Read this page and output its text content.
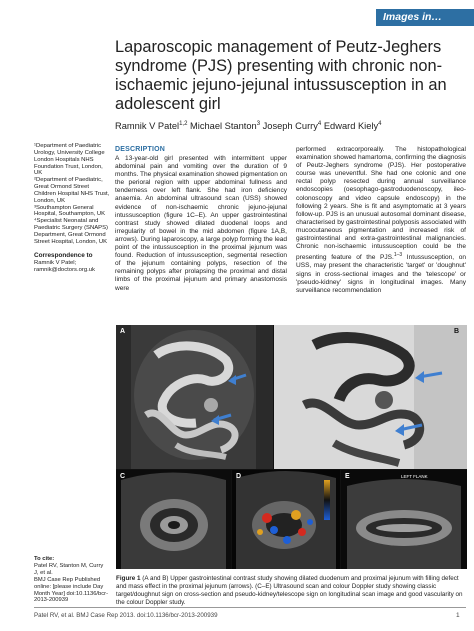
Images in…
Laparoscopic management of Peutz-Jeghers syndrome (PJS) presenting with chronic non-ischaemic jejuno-jejunal intussusception in an adolescent girl
Ramnik V Patel$^{1,2}$ Michael Stanton$^3$ Joseph Curry$^4$ Edward Kiely$^4$

¹Department of Paediatric Urology, University College London Hospitals NHS Foundation Trust, London, UK

²Department of Paediatric, Great Ormond Street Children Hospital NHS Trust, London, UK

³Southampton General Hospital, Southampton, UK

⁴Specialist Neonatal and Paediatric Surgery (SNAPS) Department, Great Ormond Street Hospital, London, UK

Correspondence to

Ramnik V Patel;

ramnik@doctors.org.uk

DESCRIPTION

A 13-year-old girl presented with intermittent upper abdominal pain and vomiting over the duration of 9 months. The physical examination showed pigmentation on the perioral region with upper abdominal fullness and tenderness over left flank. She had iron deficiency anaemia. An abdominal ultrasound scan (USS) showed evidence of non-ischaemic chronic jejuno-jejunal intussusception (figure 1C–E). An upper gastrointestinal contrast study showed dilated duodenal loops and irregularity of bowel in the mid abdomen (figure 1A,B, arrows). During laparoscopy, a large polyp forming the lead point of the intussusception in the proximal jejunum was found. Reduction of intussusception, segmental resection of the jejunum containing polyps, resection of the remaining polyps after prolapsing the proximal and distal limbs of the proximal jejunum and primary anastomosis were

performed extracorporeally. The histopathological examination showed hamartoma, confirming the diagnosis of Peutz-Jeghers syndrome (PJS). Her postoperative course was uneventful. She had one colonic and one rectal polyp resected during annual surveillance endoscopies (oesophago-gastroduodenoscopy, ileo-colonoscopy and video capsule endoscopy) in the following 2 years. She is fit and asymptomatic at 3 years follow-up. PJS is an unusual autosomal dominant disease, characterised by gastrointestinal polyposis associated with mucocutaneous pigmentation and increased risk of gastrointestinal and extra-gastrointestinal malignancies. Chronic non-ischaemic intussusception could be the presenting feature of the PJS.$^{1-3}$ Intussusception, on USS, may present the characteristic 'target' or 'doughnut' signs in cross-sectional images and the 'telescope' or 'pseudo-kidney' signs in longitudinal images. Many surveillance recommendation

A	B
C	D	E	LEFT FLANK
Figure 1 (A and B) Upper gastrointestinal contrast study showing dilated duodenum and proximal jejunum with filling defect and mass effect in the proximal jejunum (arrows). (C–E) Ultrasound scan and colour Doppler study showing classic target/doughnut sign on cross-section and pseudo-kidney/telescope sign on longitudinal scan image and good vascularity on the colour Doppler study.

To cite:

Patel RV, Stanton M, Curry J, et al.

BMJ Case Rep Published online: [please include Day Month Year] doi:10.1136/bcr-2013-200939

Patel RV, et al. BMJ Case Rep 2013. doi:10.1136/bcr-2013-200939	1
